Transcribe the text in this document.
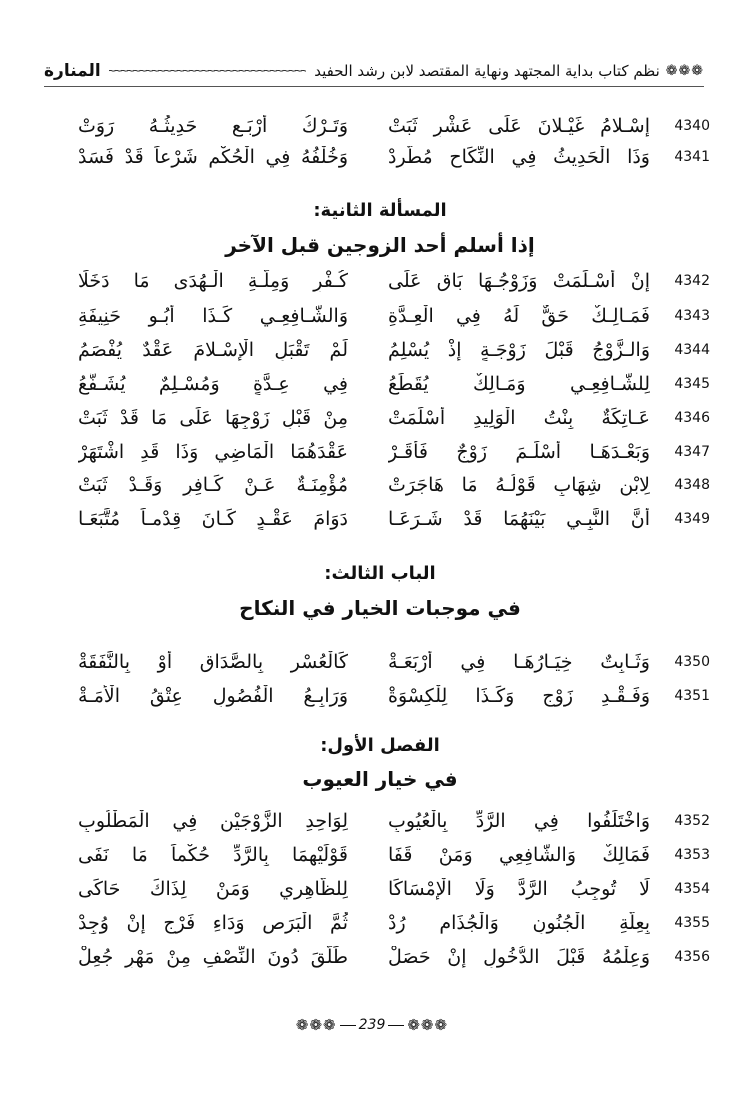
❁❁❁
نظم كتاب بداية المجتهد ونهاية المقتصد لابن رشد الحفيد
~~~~~
المنارة
4340
إِسْـلامُ غَيْـلانَ عَلَى عَشْرٍ ثَبَتْ
وَتَـرْكُ أَرْبَـعٍ حَدِيثُـهُ رَوَتْ
4341
وَذَا الْحَدِيثُ فِي النِّكَاحِ مُطَّرِدْ
وَخُلْفُهُ فِي الْحُكْمِ شَرْعاً قَدْ فَسَدْ
المسألة الثانية:
إذا أسلم أحد الزوجين قبل الآخر
4342
إِنْ أَسْـلَمَتْ وَزَوْجُـهَا بَاقٍ عَلَى
كُـفْرٍ وَمِلَّـةِ الْـهُدَى مَا دَخَلَا
4343
فَمَـالِـكٌ حَقٌّ لَهُ فِي الْعِـدَّةِ
وَالشَّـافِعِـي كَـذَا أَبُـو حَنِيفَةِ
4344
وَالـزَّوْجُ قَبْلَ زَوْجَـةٍ إِذْ يُسْلِمُ
لَمْ تَقْبَلِ الْإِسْـلامَ عَقْدٌ يُفْصَمُ
4345
لِلشَّـافِعِـي وَمَـالِكٌ يُقَطِّعُ
فِي عِـدَّةٍ وَمُسْـلِمٌ يُشَـفَّعُ
4346
عَـاتِكَةٌ بِنْتُ الْوَلِيدِ أَسْلَمَتْ
مِنْ قَبْلِ زَوْجِهَا عَلَى مَا قَدْ ثَبَتْ
4347
وَبَعْـدَهَـا أَسْلَـمَ زَوْجٌ فَأَقَـرْ
عَقْدَهُمَا الْمَاضِي وَذَا قَدِ اشْتَهَرْ
4348
لِابْنِ شِهَابٍ قَوْلُـهُ مَا هَاجَرَتْ
مُؤْمِنَـةٌ عَـنْ كَـافِرٍ وَقَـدْ ثَبَتْ
4349
أَنَّ النَّبِـي بَيْنَهُمَا قَدْ شَـرَعَـا
دَوَامَ عَقْـدٍ كَـانَ قِدْمـاً مُتَّبَعَـا
الباب الثالث:
في موجبات الخيار في النكاح
4350
وَثَـابِتٌ خِيَـارُهَـا فِي أَرْبَعَـةْ
كَالْعُسْرِ بِالصَّدَاقِ أَوْ بِالنَّفَقَةْ
4351
وَفَـقْـدِ زَوْجٍ وَكَـذَا لِلْكِسْوَةْ
وَرَابِـعُ الْفُصُولِ عِتْقُ الْأَمَـةْ
الفصل الأول:
في خيار العيوب
4352
وَاخْتَلَفُوا فِي الرَّدِّ بِالْعُيُوبِ
لِوَاحِدِ الزَّوْجَيْنِ فِي الْمَطْلُوبِ
4353
فَمَالِكٌ وَالشَّافِعِي وَمَنْ قَفَا
قَوْلَيْهِمَا بِالرَّدِّ حُكْماً مَا نَفَى
4354
لَا تُوجِبُ الرَّدَّ وَلَا الْإِمْسَاكَا
لِلظَّاهِرِي وَمَنْ لِذَاكَ حَاكَى
4355
بِعِلَّةِ الْجُنُونِ وَالْجُذَامِ رُدْ
ثُمَّ الْبَرَصِ وَدَاءِ فَرْجٍ إِنْ وُجِدْ
4356
وَعِلْمُهُ قَبْلَ الدُّخُولِ إِنْ حَصَلْ
طَلَّقَ دُونَ النِّصْفِ مِنْ مَهْرٍ جُعِلْ
❁❁❁ 239 ❁❁❁
